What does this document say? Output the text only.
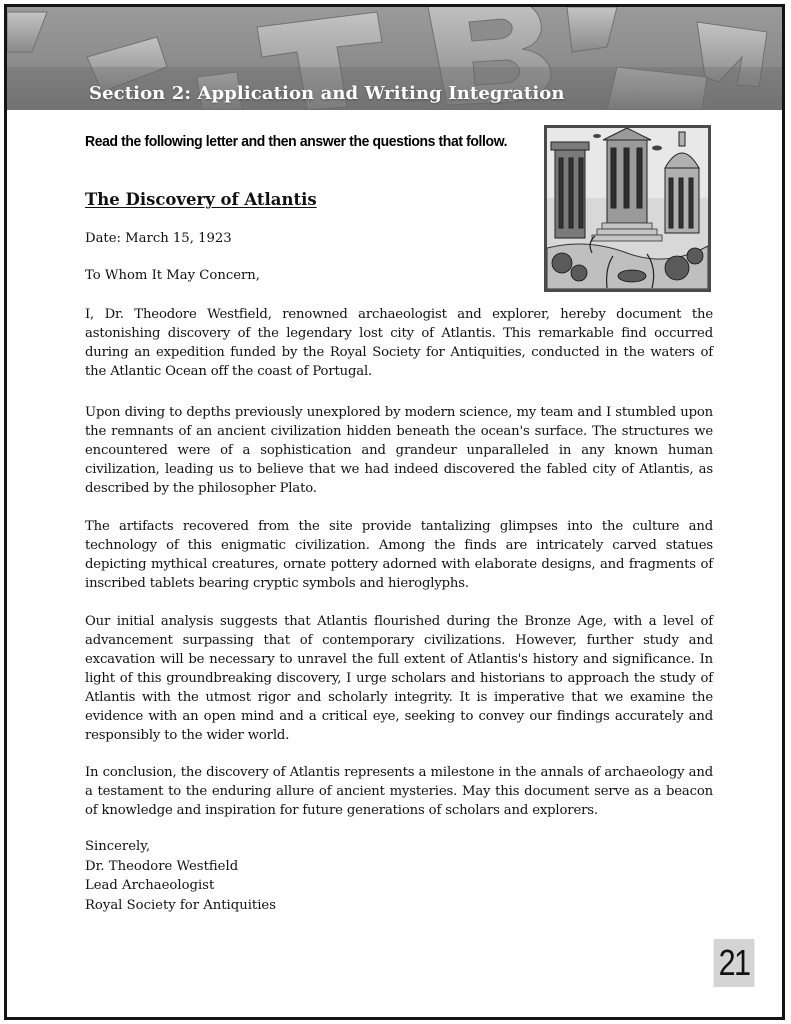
Section 2: Application and Writing Integration
Read the following letter and then answer the questions that follow.
The Discovery of Atlantis
Date: March 15, 1923
To Whom It May Concern,
I, Dr. Theodore Westfield, renowned archaeologist and explorer, hereby document the astonishing discovery of the legendary lost city of Atlantis. This remarkable find occurred during an expedition funded by the Royal Society for Antiquities, conducted in the waters of the Atlantic Ocean off the coast of Portugal.
Upon diving to depths previously unexplored by modern science, my team and I stumbled upon the remnants of an ancient civilization hidden beneath the ocean's surface. The structures we encountered were of a sophistication and grandeur unparalleled in any known human civilization, leading us to believe that we had indeed discovered the fabled city of Atlantis, as described by the philosopher Plato.
The artifacts recovered from the site provide tantalizing glimpses into the culture and technology of this enigmatic civilization. Among the finds are intricately carved statues depicting mythical creatures, ornate pottery adorned with elaborate designs, and fragments of inscribed tablets bearing cryptic symbols and hieroglyphs.
Our initial analysis suggests that Atlantis flourished during the Bronze Age, with a level of advancement surpassing that of contemporary civilizations. However, further study and excavation will be necessary to unravel the full extent of Atlantis's history and significance. In light of this groundbreaking discovery, I urge scholars and historians to approach the study of Atlantis with the utmost rigor and scholarly integrity. It is imperative that we examine the evidence with an open mind and a critical eye, seeking to convey our findings accurately and responsibly to the wider world.
In conclusion, the discovery of Atlantis represents a milestone in the annals of archaeology and a testament to the enduring allure of ancient mysteries. May this document serve as a beacon of knowledge and inspiration for future generations of scholars and explorers.
Sincerely,
Dr. Theodore Westfield
Lead Archaeologist
Royal Society for Antiquities
21
